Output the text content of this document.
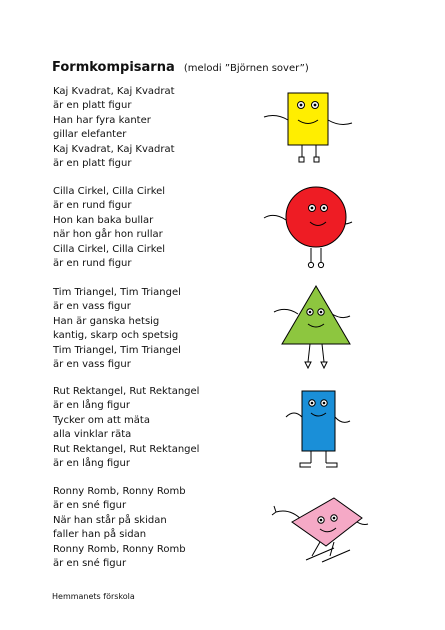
Formkompisarna (melodi ”Björnen sover”)
Kaj Kvadrat, Kaj Kvadrat
är en platt figur
Han har fyra kanter
gillar elefanter
Kaj Kvadrat, Kaj Kvadrat
är en platt figur
Cilla Cirkel, Cilla Cirkel
är en rund figur
Hon kan baka bullar
när hon går hon rullar
Cilla Cirkel, Cilla Cirkel
är en rund figur
Tim Triangel, Tim Triangel
är en vass figur
Han är ganska hetsig
kantig, skarp och spetsig
Tim Triangel, Tim Triangel
är en vass figur
Rut Rektangel, Rut Rektangel
är en lång figur
Tycker om att mäta
alla vinklar räta
Rut Rektangel, Rut Rektangel
är en lång figur
Ronny Romb, Ronny Romb
är en sné figur
När han står på skidan
faller han på sidan
Ronny Romb, Ronny Romb
är en sné figur
Hemmanets förskola
